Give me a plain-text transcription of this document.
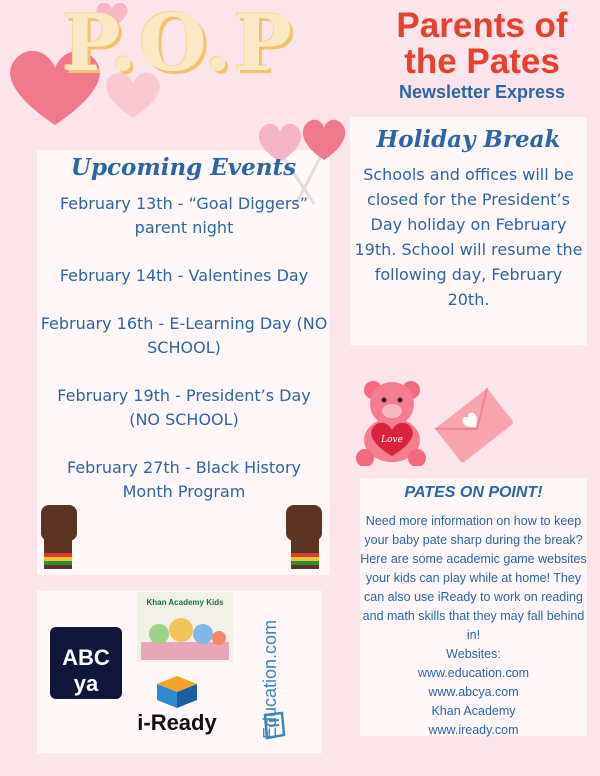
P.O.P	Parents of
the Pates
Newsletter Express
Upcoming Events
February 13th - “Goal Diggers” parent night
February 14th - Valentines Day
February 16th - E-Learning Day (NO SCHOOL)
February 19th - President’s Day (NO SCHOOL)
February 27th - Black History Month Program
Holiday Break
Schools and offices will be closed for the President’s Day holiday on February 19th. School will resume the following day, February 20th.
Love
PATES ON POINT!
Need more information on how to keep your baby pate sharp during the break? Here are some academic game websites your kids can play while at home! They can also use iReady to work on reading and math skills that they may fall behind in!
Websites:
www.education.com
www.abcya.com
Khan Academy
www.iready.com
ABC ya
Khan Academy Kids
i-Ready	Education.com
